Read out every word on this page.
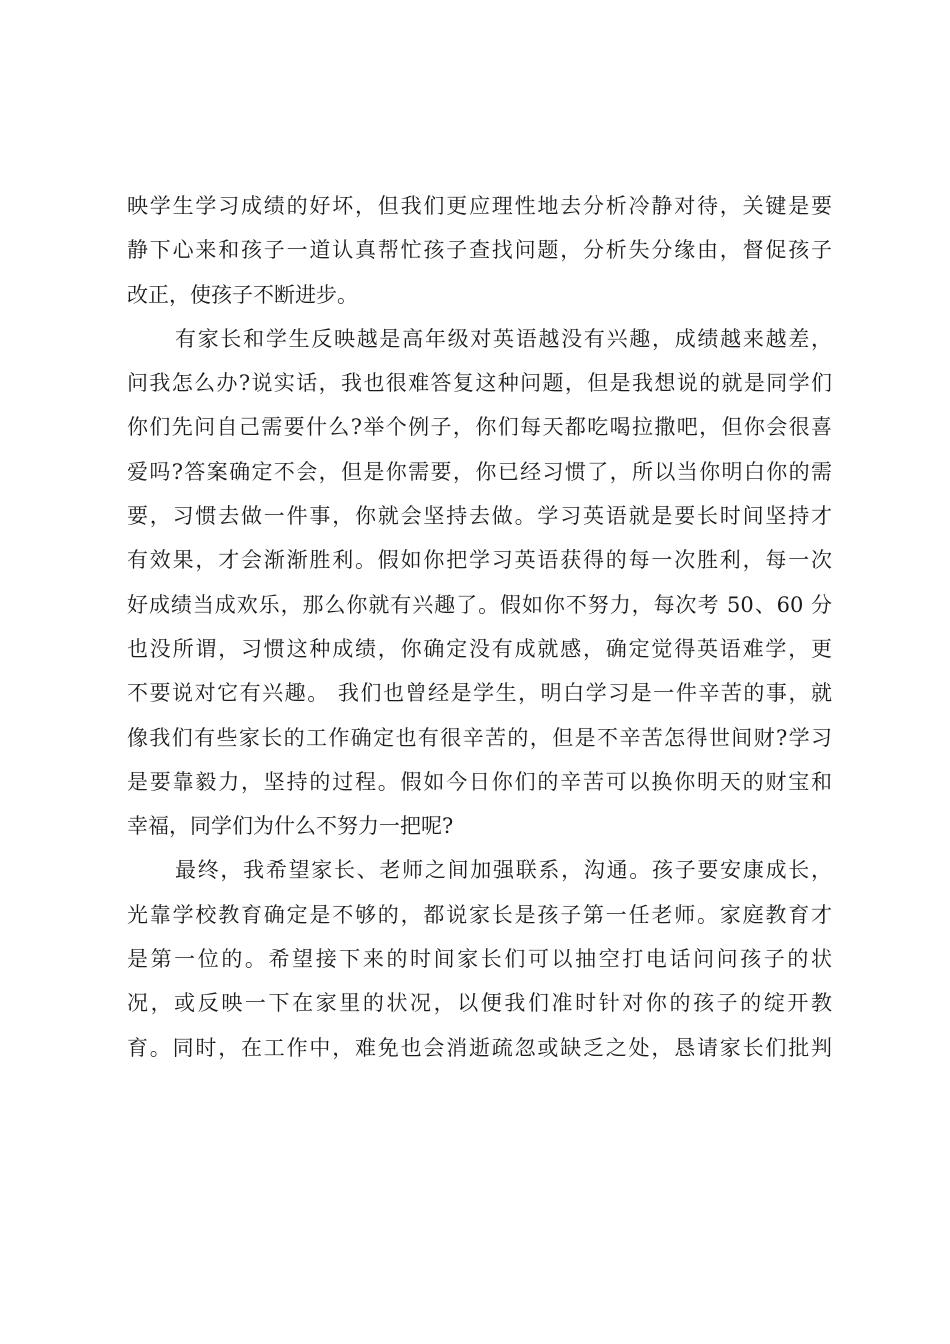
映学生学习成绩的好坏，但我们更应理性地去分析冷静对待，关键是要
静下心来和孩子一道认真帮忙孩子查找问题，分析失分缘由，督促孩子
改正，使孩子不断进步。
有家长和学生反映越是高年级对英语越没有兴趣，成绩越来越差，
问我怎么办?说实话，我也很难答复这种问题，但是我想说的就是同学们
你们先问自己需要什么?举个例子，你们每天都吃喝拉撒吧，但你会很喜
爱吗?答案确定不会，但是你需要，你已经习惯了，所以当你明白你的需
要，习惯去做一件事，你就会坚持去做。学习英语就是要长时间坚持才
有效果，才会渐渐胜利。假如你把学习英语获得的每一次胜利，每一次
好成绩当成欢乐，那么你就有兴趣了。假如你不努力，每次考 50、60 分
也没所谓，习惯这种成绩，你确定没有成就感，确定觉得英语难学，更
不要说对它有兴趣。 我们也曾经是学生，明白学习是一件辛苦的事，就
像我们有些家长的工作确定也有很辛苦的，但是不辛苦怎得世间财?学习
是要靠毅力，坚持的过程。假如今日你们的辛苦可以换你明天的财宝和
幸福，同学们为什么不努力一把呢?
最终，我希望家长、老师之间加强联系，沟通。孩子要安康成长，
光靠学校教育确定是不够的，都说家长是孩子第一任老师。家庭教育才
是第一位的。希望接下来的时间家长们可以抽空打电话问问孩子的状
况，或反映一下在家里的状况，以便我们准时针对你的孩子的绽开教
育。同时，在工作中，难免也会消逝疏忽或缺乏之处，恳请家长们批判
